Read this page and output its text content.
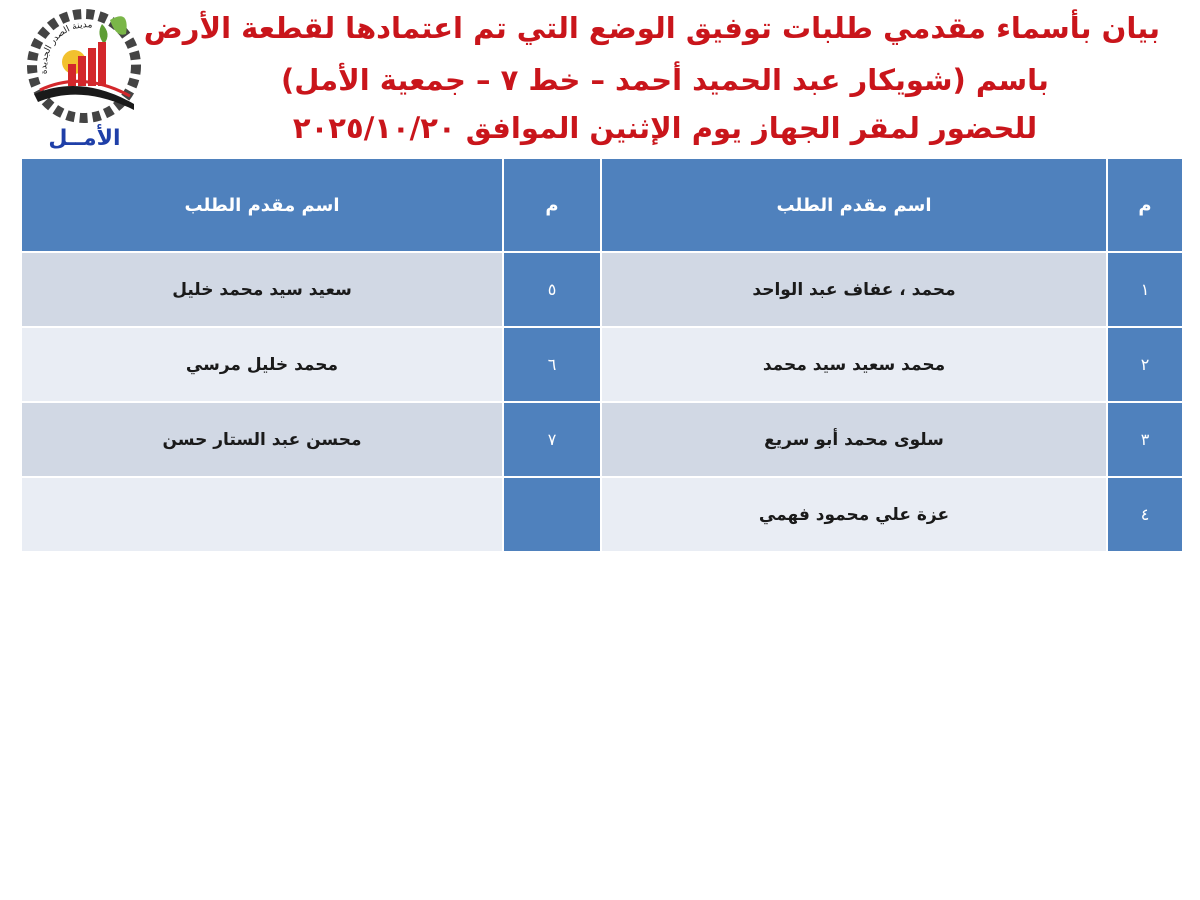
مدينة الصدر الجديدة
الأمــل
بيان بأسماء مقدمي طلبات توفيق الوضع التي تم اعتمادها لقطعة الأرض
باسم (شويكار عبد الحميد أحمد – خط ٧ – جمعية الأمل)
للحضور لمقر الجهاز يوم الإثنين الموافق ٢٠٢٥/١٠/٢٠
م	اسم مقدم الطلب	م	اسم مقدم الطلب
١	محمد ، عفاف عبد الواحد	٥	سعيد سيد محمد خليل
٢	محمد سعيد سيد محمد	٦	محمد خليل مرسي
٣	سلوى محمد أبو سريع	٧	محسن عبد الستار حسن
٤	عزة علي محمود فهمي		
